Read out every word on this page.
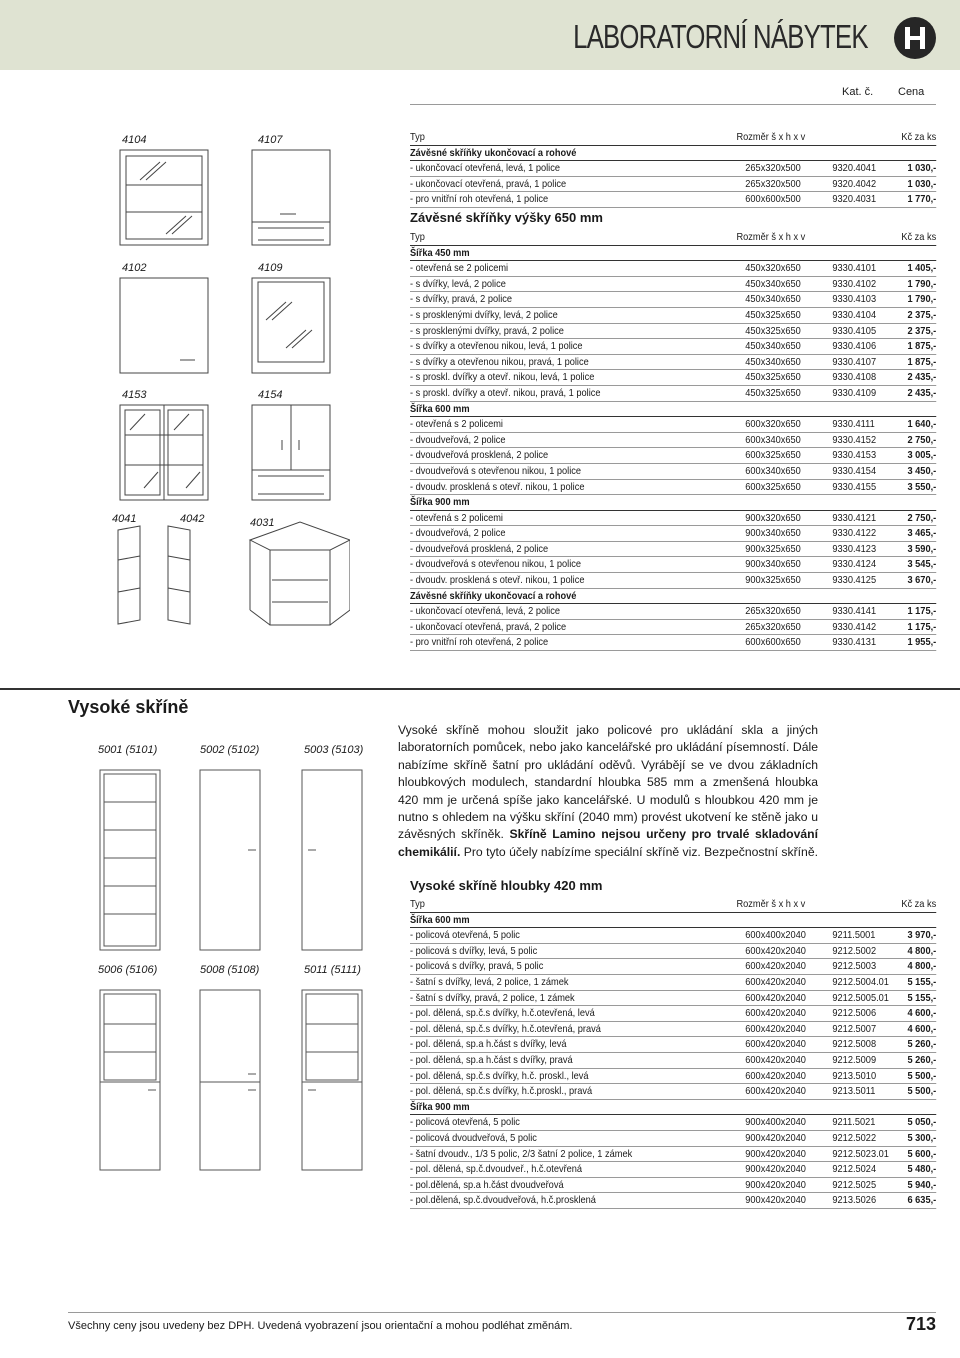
LABORATORNÍ NÁBYTEK
Kat. č. Cena
4104	4107
4102	4109
4153	4154
4041	4042	4031
Typ	Rozměr š x h x v	Kč za ks
Závěsné skříňky ukončovací a rohové
- ukončovací otevřená, levá, 1 police	265x320x500	9320.4041	1 030,-
- ukončovací otevřená, pravá, 1 police	265x320x500	9320.4042	1 030,-
- pro vnitřní roh otevřená, 1 police	600x600x500	9320.4031	1 770,-
Závěsné skříňky výšky 650 mm
Typ	Rozměr š x h x v	Kč za ks
Šířka 450 mm
- otevřená se 2 policemi	450x320x650	9330.4101	1 405,-
- s dvířky, levá, 2 police	450x340x650	9330.4102	1 790,-
- s dvířky, pravá, 2 police	450x340x650	9330.4103	1 790,-
- s prosklenými dvířky, levá, 2 police	450x325x650	9330.4104	2 375,-
- s prosklenými dvířky, pravá, 2 police	450x325x650	9330.4105	2 375,-
- s dvířky a otevřenou nikou, levá, 1 police	450x340x650	9330.4106	1 875,-
- s dvířky a otevřenou nikou, pravá, 1 police	450x340x650	9330.4107	1 875,-
- s proskl. dvířky a otevř. nikou, levá, 1 police	450x325x650	9330.4108	2 435,-
- s proskl. dvířky a otevř. nikou, pravá, 1 police	450x325x650	9330.4109	2 435,-
Šířka 600 mm
- otevřená s 2 policemi	600x320x650	9330.4111	1 640,-
- dvoudveřová, 2 police	600x340x650	9330.4152	2 750,-
- dvoudveřová prosklená, 2 police	600x325x650	9330.4153	3 005,-
- dvoudveřová s otevřenou nikou, 1 police	600x340x650	9330.4154	3 450,-
- dvoudv. prosklená s otevř. nikou, 1 police	600x325x650	9330.4155	3 550,-
Šířka 900 mm
- otevřená s 2 policemi	900x320x650	9330.4121	2 750,-
- dvoudveřová, 2 police	900x340x650	9330.4122	3 465,-
- dvoudveřová prosklená, 2 police	900x325x650	9330.4123	3 590,-
- dvoudveřová s otevřenou nikou, 1 police	900x340x650	9330.4124	3 545,-
- dvoudv. prosklená s otevř. nikou, 1 police	900x325x650	9330.4125	3 670,-
Závěsné skříňky ukončovací a rohové
- ukončovací otevřená, levá, 2 police	265x320x650	9330.4141	1 175,-
- ukončovací otevřená, pravá, 2 police	265x320x650	9330.4142	1 175,-
- pro vnitřní roh otevřená, 2 police	600x600x650	9330.4131	1 955,-
Vysoké skříně
5001 (5101)	5002 (5102)	5003 (5103)
5006 (5106)	5008 (5108)	5011 (5111)
Vysoké skříně mohou sloužit jako policové pro ukládání skla a jiných laboratorních pomůcek, nebo jako kancelářské pro ukládání písemností. Dále nabízíme skříně šatní pro ukládání oděvů. Vyrábějí se ve dvou základních hloubkových modulech, standardní hloubka 585 mm a zmenšená hloubka 420 mm je určená spíše jako kancelářské. U modulů s hloubkou 420 mm je nutno s ohledem na výšku skříní (2040 mm) provést ukotvení ke stěně jako u závěsných skříněk. Skříně Lamino nejsou určeny pro trvalé skladování chemikálií. Pro tyto účely nabízíme speciální skříně viz. Bezpečnostní skříně.
Vysoké skříně hloubky 420 mm
Typ	Rozměr š x h x v	Kč za ks
Šířka 600 mm
- policová otevřená, 5 polic	600x400x2040	9211.5001	3 970,-
- policová s dvířky, levá, 5 polic	600x420x2040	9212.5002	4 800,-
- policová s dvířky, pravá, 5 polic	600x420x2040	9212.5003	4 800,-
- šatní s dvířky, levá, 2 police, 1 zámek	600x420x2040	9212.5004.01 5 155,-
- šatní s dvířky, pravá, 2 police, 1 zámek	600x420x2040	9212.5005.01 5 155,-
- pol. dělená, sp.č.s dvířky, h.č.otevřená, levá	600x420x2040	9212.5006	4 600,-
- pol. dělená, sp.č.s dvířky, h.č.otevřená, pravá	600x420x2040	9212.5007	4 600,-
- pol. dělená, sp.a h.část s dvířky, levá	600x420x2040	9212.5008	5 260,-
- pol. dělená, sp.a h.část s dvířky, pravá	600x420x2040	9212.5009	5 260,-
- pol. dělená, sp.č.s dvířky, h.č. proskl., levá	600x420x2040	9213.5010	5 500,-
- pol. dělená, sp.č.s dvířky, h.č.proskl., pravá	600x420x2040	9213.5011	5 500,-
Šířka 900 mm
- policová otevřená, 5 polic	900x400x2040	9211.5021	5 050,-
- policová dvoudveřová, 5 polic	900x420x2040	9212.5022	5 300,-
- šatní dvoudv., 1/3 5 polic, 2/3 šatní 2 police, 1 zámek	900x420x2040	9212.5023.01 5 600,-
- pol. dělená, sp.č.dvoudveř., h.č.otevřená	900x420x2040	9212.5024	5 480,-
- pol.dělená, sp.a h.část dvoudveřová	900x420x2040	9212.5025	5 940,-
- pol.dělená, sp.č.dvoudveřová, h.č.prosklená	900x420x2040	9213.5026	6 635,-
Všechny ceny jsou uvedeny bez DPH. Uvedená vyobrazení jsou orientační a mohou podléhat změnám.	713
